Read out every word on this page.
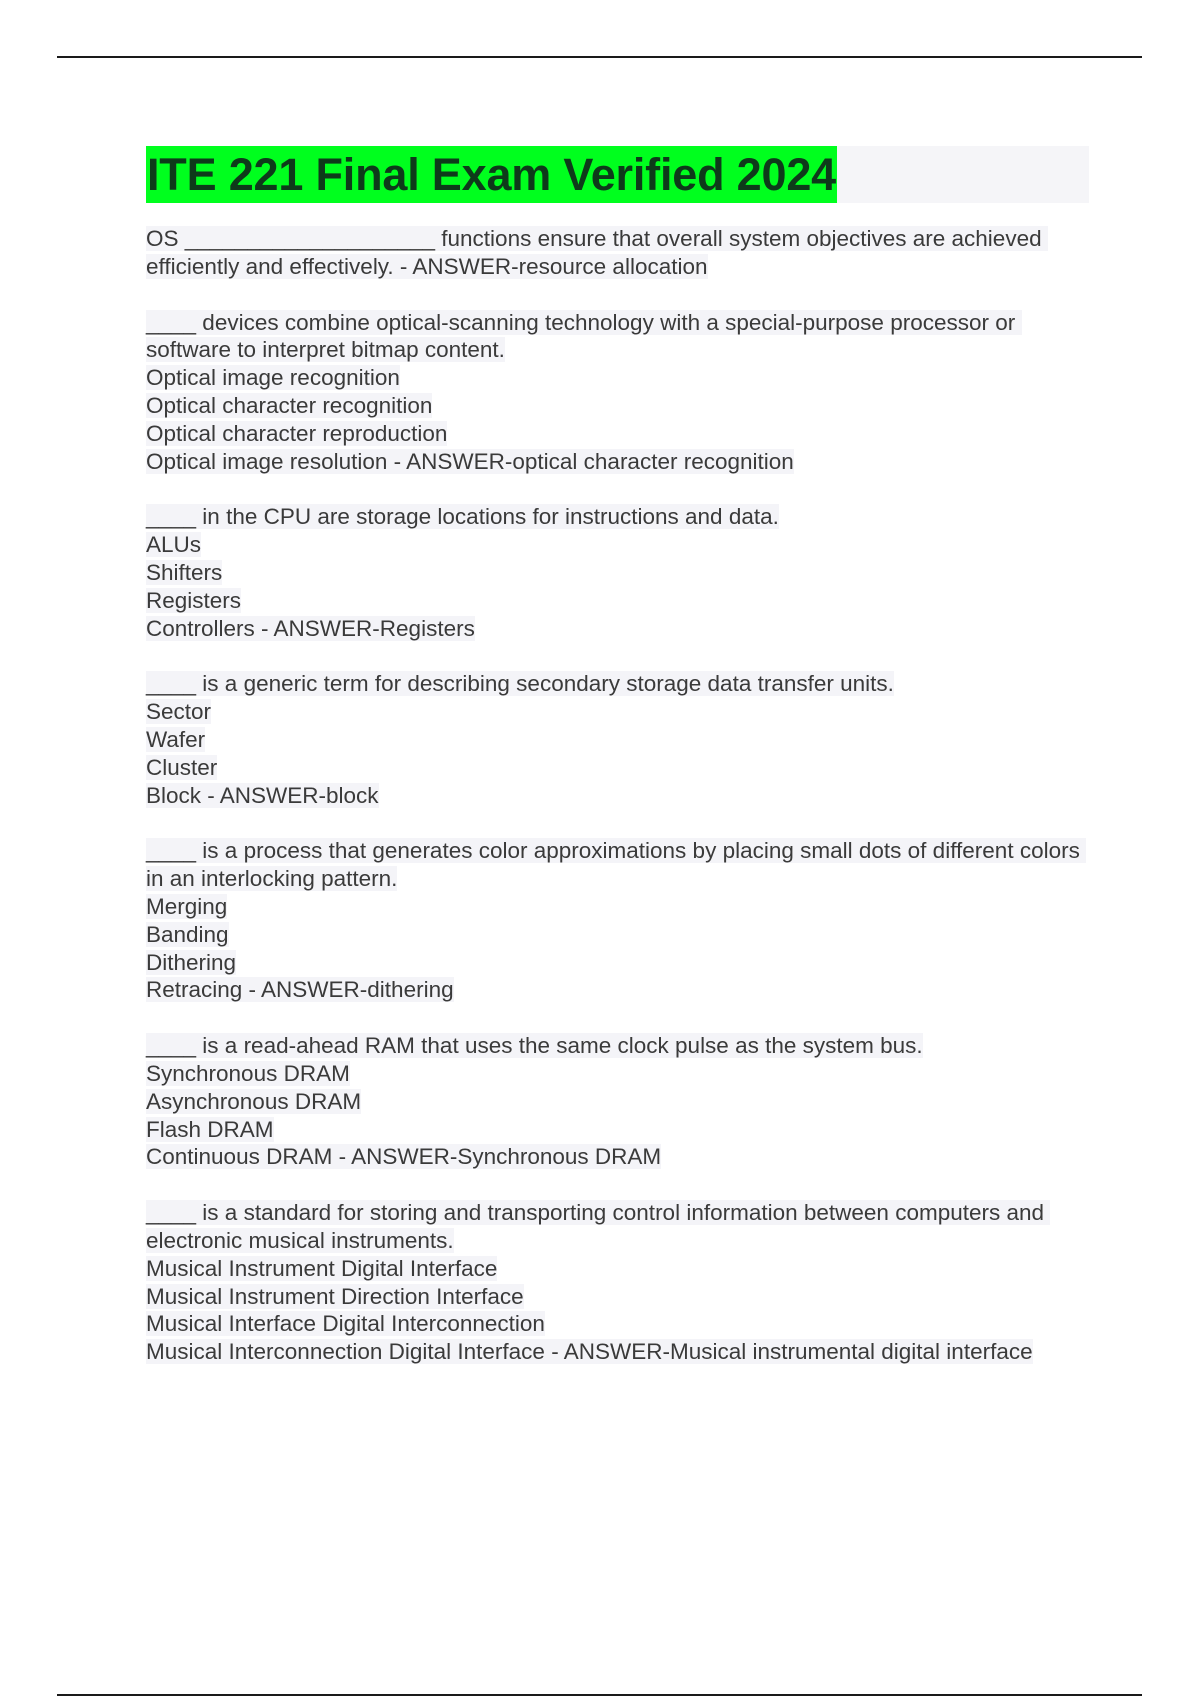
ITE 221 Final Exam Verified 2024
OS ____________________ functions ensure that overall system objectives are achieved efficiently and effectively. - ANSWER-resource allocation
____ devices combine optical-scanning technology with a special-purpose processor or software to interpret bitmap content.
Optical image recognition
Optical character recognition
Optical character reproduction
Optical image resolution - ANSWER-optical character recognition
____ in the CPU are storage locations for instructions and data.
ALUs
Shifters
Registers
Controllers - ANSWER-Registers
____ is a generic term for describing secondary storage data transfer units.
Sector
Wafer
Cluster
Block - ANSWER-block
____ is a process that generates color approximations by placing small dots of different colors in an interlocking pattern.
Merging
Banding
Dithering
Retracing - ANSWER-dithering
____ is a read-ahead RAM that uses the same clock pulse as the system bus.
Synchronous DRAM
Asynchronous DRAM
Flash DRAM
Continuous DRAM - ANSWER-Synchronous DRAM
____ is a standard for storing and transporting control information between computers and electronic musical instruments.
Musical Instrument Digital Interface
Musical Instrument Direction Interface
Musical Interface Digital Interconnection
Musical Interconnection Digital Interface - ANSWER-Musical instrumental digital interface
